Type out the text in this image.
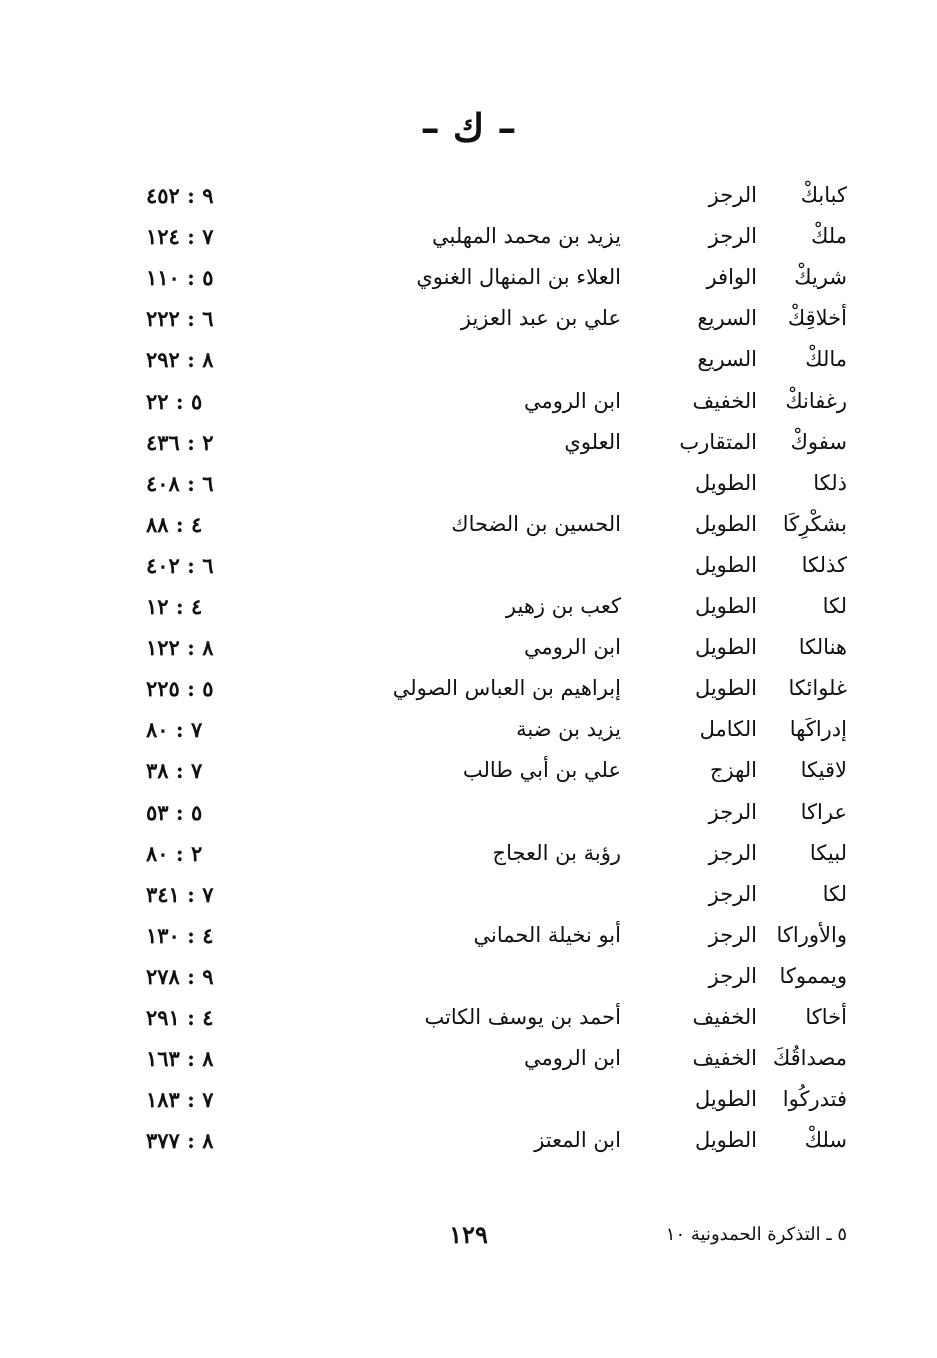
– ك –
كبابكْ
الرجز
٩ : ٤٥٢
ملكْ
الرجز
يزيد بن محمد المهلبي
٧ : ١٢٤
شريكْ
الوافر
العلاء بن المنهال الغنوي
٥ : ١١٠
أخلاقِكْ
السريع
علي بن عبد العزيز
٦ : ٢٢٢
مالكْ
السريع
٨ : ٢٩٢
رغفانكْ
الخفيف
ابن الرومي
٥ : ٢٢
سفوكْ
المتقارب
العلوي
٢ : ٤٣٦
ذلكا
الطويل
٦ : ٤٠٨
بشكْرِكَا
الطويل
الحسين بن الضحاك
٤ : ٨٨
كذلكا
الطويل
٦ : ٤٠٢
لكا
الطويل
كعب بن زهير
٤ : ١٢
هنالكا
الطويل
ابن الرومي
٨ : ١٢٢
غلوائكا
الطويل
إبراهيم بن العباس الصولي
٥ : ٢٢٥
إدراكَها
الكامل
يزيد بن ضبة
٧ : ٨٠
لاقيكا
الهزج
علي بن أبي طالب
٧ : ٣٨
عراكا
الرجز
٥ : ٥٣
لبيكا
الرجز
رؤبة بن العجاج
٢ : ٨٠
لكا
الرجز
٧ : ٣٤١
والأوراكا
الرجز
أبو نخيلة الحماني
٤ : ١٣٠
ويمموكا
الرجز
٩ : ٢٧٨
أخاكا
الخفيف
أحمد بن يوسف الكاتب
٤ : ٢٩١
مصداقُكَ
الخفيف
ابن الرومي
٨ : ١٦٣
فتدركُوا
الطويل
٧ : ١٨٣
سلكْ
الطويل
ابن المعتز
٨ : ٣٧٧
٥ ـ التذكرة الحمدونية ١٠
١٢٩
